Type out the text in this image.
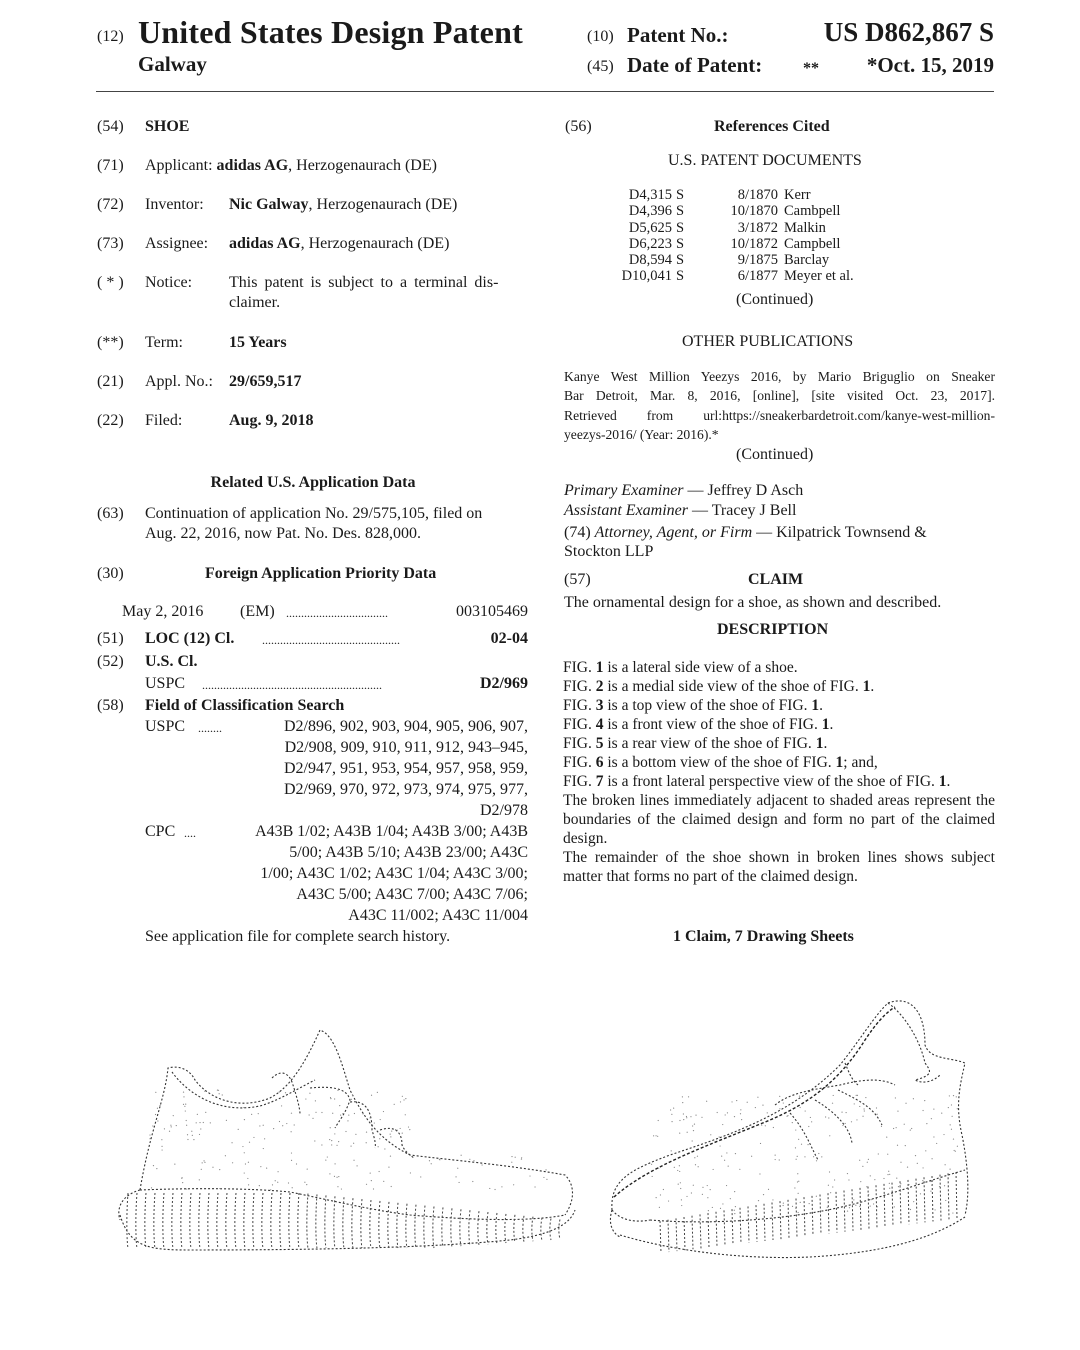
(12) United States Design Patent
Galway
(10) Patent No.:	US D862,867 S
(45) Date of Patent:	** *Oct. 15, 2019
(54) SHOE
(71) Applicant: adidas AG, Herzogenaurach (DE)
(72) Inventor: Nic Galway, Herzogenaurach (DE)
(73) Assignee: adidas AG, Herzogenaurach (DE)
( * ) Notice: This patent is subject to a terminal dis-
claimer.
(**) Term:	15 Years
(21) Appl. No.: 29/659,517
(22) Filed:	Aug. 9, 2018
Related U.S. Application Data
(63) Continuation of application No. 29/575,105, filed on
Aug. 22, 2016, now Pat. No. Des. 828,000.
(30)	Foreign Application Priority Data
May 2, 2016 (EM) ..................................	003105469
(51) LOC (12) Cl. ..............................................	02-04
(52) U.S. Cl.
USPC ............................................................	D2/969
(58) Field of Classification Search
USPC ........	D2/896, 902, 903, 904, 905, 906, 907,
D2/908, 909, 910, 911, 912, 943–945,
D2/947, 951, 953, 954, 957, 958, 959,
D2/969, 970, 972, 973, 974, 975, 977,
D2/978
CPC ....	A43B 1/02; A43B 1/04; A43B 3/00; A43B
5/00; A43B 5/10; A43B 23/00; A43C
1/00; A43C 1/02; A43C 1/04; A43C 3/00;
A43C 5/00; A43C 7/00; A43C 7/06;
A43C 11/002; A43C 11/004
See application file for complete search history.
(56)	References Cited
U.S. PATENT DOCUMENTS
D4,315	S	8/1870	Kerr
D4,396	S	10/1870	Cambpell
D5,625	S	3/1872	Malkin
D6,223	S	10/1872	Campbell
D8,594	S	9/1875	Barclay
D10,041	S	6/1877	Meyer et al.
(Continued)
OTHER PUBLICATIONS
Kanye West Million Yeezys 2016, by Mario Briguglio on Sneaker
Bar Detroit, Mar. 8, 2016, [online], [site visited Oct. 23, 2017].
Retrieved from url:https://sneakerbardetroit.com/kanye-west-million-
yeezys-2016/ (Year: 2016).*
(Continued)
Primary Examiner — Jeffrey D Asch
Assistant Examiner — Tracey J Bell
(74) Attorney, Agent, or Firm — Kilpatrick Townsend &
Stockton LLP
(57)	CLAIM
The ornamental design for a shoe, as shown and described.
DESCRIPTION
FIG. 1 is a lateral side view of a shoe.
FIG. 2 is a medial side view of the shoe of FIG. 1.
FIG. 3 is a top view of the shoe of FIG. 1.
FIG. 4 is a front view of the shoe of FIG. 1.
FIG. 5 is a rear view of the shoe of FIG. 1.
FIG. 6 is a bottom view of the shoe of FIG. 1; and,
FIG. 7 is a front lateral perspective view of the shoe of FIG. 1.
The broken lines immediately adjacent to shaded areas represent the boundaries of the claimed design and form no part of the claimed design.
The remainder of the shoe shown in broken lines shows subject matter that forms no part of the claimed design.
1 Claim, 7 Drawing Sheets
